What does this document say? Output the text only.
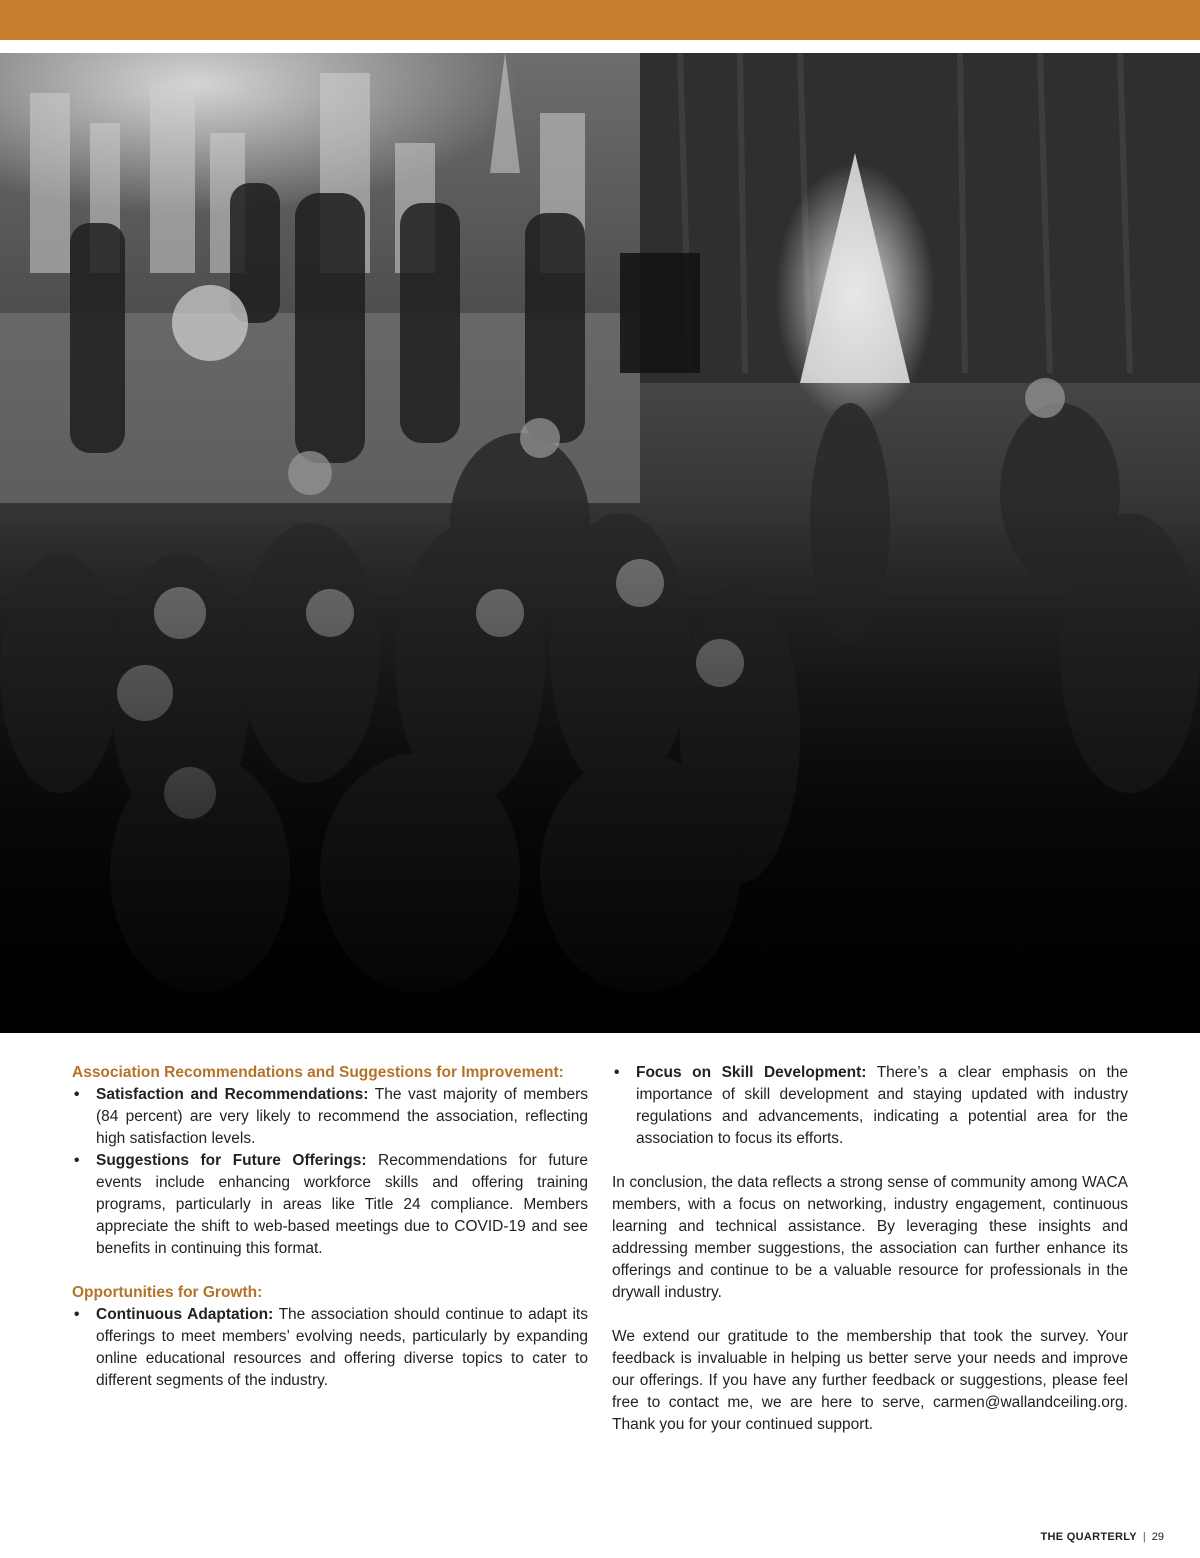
Association Recommendations and Suggestions for Improvement:

• Satisfaction and Recommendations: The vast majority of members (84 percent) are very likely to recommend the association, reflecting high satisfaction levels.
• Suggestions for Future Offerings: Recommendations for future events include enhancing workforce skills and offering training programs, particularly in areas like Title 24 compliance. Members appreciate the shift to web-based meetings due to COVID-19 and see benefits in continuing this format.

Opportunities for Growth:

• Continuous Adaptation: The association should continue to adapt its offerings to meet members’ evolving needs, particularly by expanding online educational resources and offering diverse topics to cater to different segments of the industry.
• Focus on Skill Development: There’s a clear emphasis on the importance of skill development and staying updated with industry regulations and advancements, indicating a potential area for the association to focus its efforts.

In conclusion, the data reflects a strong sense of community among WACA members, with a focus on networking, industry engagement, continuous learning and technical assistance. By leveraging these insights and addressing member suggestions, the association can further enhance its offerings and continue to be a valuable resource for professionals in the drywall industry.

We extend our gratitude to the membership that took the survey. Your feedback is invaluable in helping us better serve your needs and improve our offerings. If you have any further feedback or suggestions, please feel free to contact me, we are here to serve, carmen@wallandceiling.org. Thank you for your continued support.

THE QUARTERLY | 29
